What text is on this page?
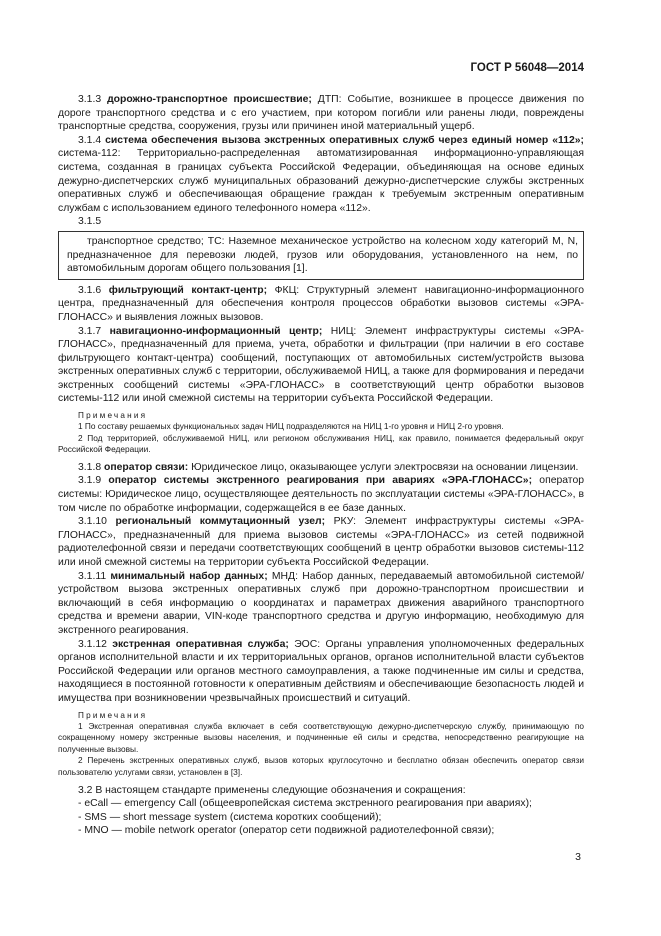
ГОСТ Р 56048—2014

3.1.3 дорожно-транспортное происшествие; ДТП: Событие, возникшее в процессе движения по дороге транспортного средства и с его участием, при котором погибли или ранены люди, повреждены транспортные средства, сооружения, грузы или причинен иной материальный ущерб.

3.1.4 система обеспечения вызова экстренных оперативных служб через единый номер «112»; система-112: Территориально-распределенная автоматизированная информационно-управляющая система, созданная в границах субъекта Российской Федерации, объединяющая на основе единых дежурно-диспетчерских служб муниципальных образований дежурно-диспетчерские службы экстренных оперативных служб и обеспечивающая обращение граждан к требуемым экстренным оперативным службам с использованием единого телефонного номера «112».

3.1.5

транспортное средство; ТС: Наземное механическое устройство на колесном ходу категорий M, N, предназначенное для перевозки людей, грузов или оборудования, установленного на нем, по автомобильным дорогам общего пользования [1].

3.1.6 фильтрующий контакт-центр; ФКЦ: Структурный элемент навигационно-информационного центра, предназначенный для обеспечения контроля процессов обработки вызовов системы «ЭРА-ГЛОНАСС» и выявления ложных вызовов.

3.1.7 навигационно-информационный центр; НИЦ: Элемент инфраструктуры системы «ЭРА-ГЛОНАСС», предназначенный для приема, учета, обработки и фильтрации (при наличии в его составе фильтрующего контакт-центра) сообщений, поступающих от автомобильных систем/устройств вызова экстренных оперативных служб с территории, обслуживаемой НИЦ, а также для формирования и передачи экстренных сообщений системы «ЭРА-ГЛОНАСС» в соответствующий центр обработки вызовов системы-112 или иной смежной системы на территории субъекта Российской Федерации.

Примечания

1 По составу решаемых функциональных задач НИЦ подразделяются на НИЦ 1-го уровня и НИЦ 2-го уровня.

2 Под территорией, обслуживаемой НИЦ, или регионом обслуживания НИЦ, как правило, понимается федеральный округ Российской Федерации.

3.1.8 оператор связи: Юридическое лицо, оказывающее услуги электросвязи на основании лицензии.

3.1.9 оператор системы экстренного реагирования при авариях «ЭРА-ГЛОНАСС»; оператор системы: Юридическое лицо, осуществляющее деятельность по эксплуатации системы «ЭРА-ГЛОНАСС», в том числе по обработке информации, содержащейся в ее базе данных.

3.1.10 региональный коммутационный узел; РКУ: Элемент инфраструктуры системы «ЭРА-ГЛОНАСС», предназначенный для приема вызовов системы «ЭРА-ГЛОНАСС» из сетей подвижной радиотелефонной связи и передачи соответствующих сообщений в центр обработки вызовов системы-112 или иной смежной системы на территории субъекта Российской Федерации.

3.1.11 минимальный набор данных; МНД: Набор данных, передаваемый автомобильной системой/устройством вызова экстренных оперативных служб при дорожно-транспортном происшествии и включающий в себя информацию о координатах и параметрах движения аварийного транспортного средства и времени аварии, VIN-коде транспортного средства и другую информацию, необходимую для экстренного реагирования.

3.1.12 экстренная оперативная служба; ЭОС: Органы управления уполномоченных федеральных органов исполнительной власти и их территориальных органов, органов исполнительной власти субъектов Российской Федерации или органов местного самоуправления, а также подчиненные им силы и средства, находящиеся в постоянной готовности к оперативным действиям и обеспечивающие безопасность людей и имущества при возникновении чрезвычайных происшествий и ситуаций.

Примечания

1 Экстренная оперативная служба включает в себя соответствующую дежурно-диспетчерскую службу, принимающую по сокращенному номеру экстренные вызовы населения, и подчиненные ей силы и средства, непосредственно реагирующие на полученные вызовы.

2 Перечень экстренных оперативных служб, вызов которых круглосуточно и бесплатно обязан обеспечить оператор связи пользователю услугами связи, установлен в [3].

3.2 В настоящем стандарте применены следующие обозначения и сокращения:

- eCall — emergency Call (общеевропейская система экстренного реагирования при авариях);

- SMS — short message system (система коротких сообщений);

- MNO — mobile network operator (оператор сети подвижной радиотелефонной связи);

3
